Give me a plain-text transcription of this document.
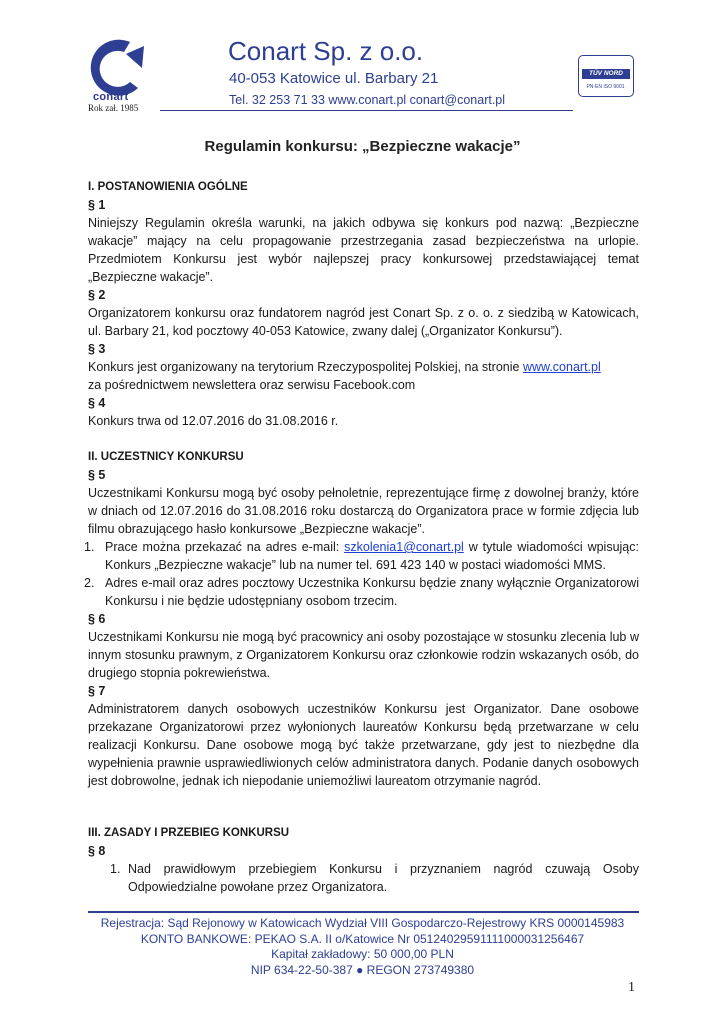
conart
Rok zał. 1985
Conart Sp. z o.o.
40-053 Katowice ul. Barbary 21
Tel. 32 253 71 33 www.conart.pl conart@conart.pl
TÜV NORD
PN-EN ISO 9001
Regulamin konkursu: „Bezpieczne wakacje”

I. POSTANOWIENIA OGÓLNE

§ 1

Niniejszy Regulamin określa warunki, na jakich odbywa się konkurs pod nazwą: „Bezpieczne wakacje” mający na celu propagowanie przestrzegania zasad bezpieczeństwa na urlopie. Przedmiotem Konkursu jest wybór najlepszej pracy konkursowej przedstawiającej temat „Bezpieczne wakacje”.

§ 2

Organizatorem konkursu oraz fundatorem nagród jest Conart Sp. z o. o. z siedzibą w Katowicach, ul. Barbary 21, kod pocztowy 40-053 Katowice, zwany dalej („Organizator Konkursu”).

§ 3

Konkurs jest organizowany na terytorium Rzeczypospolitej Polskiej, na stronie www.conart.pl
za pośrednictwem newslettera oraz serwisu Facebook.com

§ 4

Konkurs trwa od 12.07.2016 do 31.08.2016 r.

II. UCZESTNICY KONKURSU

§ 5

Uczestnikami Konkursu mogą być osoby pełnoletnie, reprezentujące firmę z dowolnej branży, które w dniach od 12.07.2016 do 31.08.2016 roku dostarczą do Organizatora prace w formie zdjęcia lub filmu obrazującego hasło konkursowe „Bezpieczne wakacje”.

1. Prace można przekazać na adres e-mail: szkolenia1@conart.pl w tytule wiadomości wpisując: Konkurs „Bezpieczne wakacje” lub na numer tel. 691 423 140 w postaci wiadomości MMS.

2. Adres e-mail oraz adres pocztowy Uczestnika Konkursu będzie znany wyłącznie Organizatorowi Konkursu i nie będzie udostępniany osobom trzecim.

§ 6

Uczestnikami Konkursu nie mogą być pracownicy ani osoby pozostające w stosunku zlecenia lub w innym stosunku prawnym, z Organizatorem Konkursu oraz członkowie rodzin wskazanych osób, do drugiego stopnia pokrewieństwa.

§ 7

Administratorem danych osobowych uczestników Konkursu jest Organizator. Dane osobowe przekazane Organizatorowi przez wyłonionych laureatów Konkursu będą przetwarzane w celu realizacji Konkursu. Dane osobowe mogą być także przetwarzane, gdy jest to niezbędne dla wypełnienia prawnie usprawiedliwionych celów administratora danych. Podanie danych osobowych jest dobrowolne, jednak ich niepodanie uniemożliwi laureatom otrzymanie nagród.

III. ZASADY I PRZEBIEG KONKURSU

§ 8

1. Nad prawidłowym przebiegiem Konkursu i przyznaniem nagród czuwają Osoby Odpowiedzialne powołane przez Organizatora.

Rejestracja: Sąd Rejonowy w Katowicach Wydział VIII Gospodarczo-Rejestrowy KRS 0000145983
KONTO BANKOWE: PEKAO S.A. II o/Katowice Nr 05124029591111000031256467
Kapitał zakładowy: 50 000,00 PLN
NIP 634-22-50-387 ● REGON 273749380
1
